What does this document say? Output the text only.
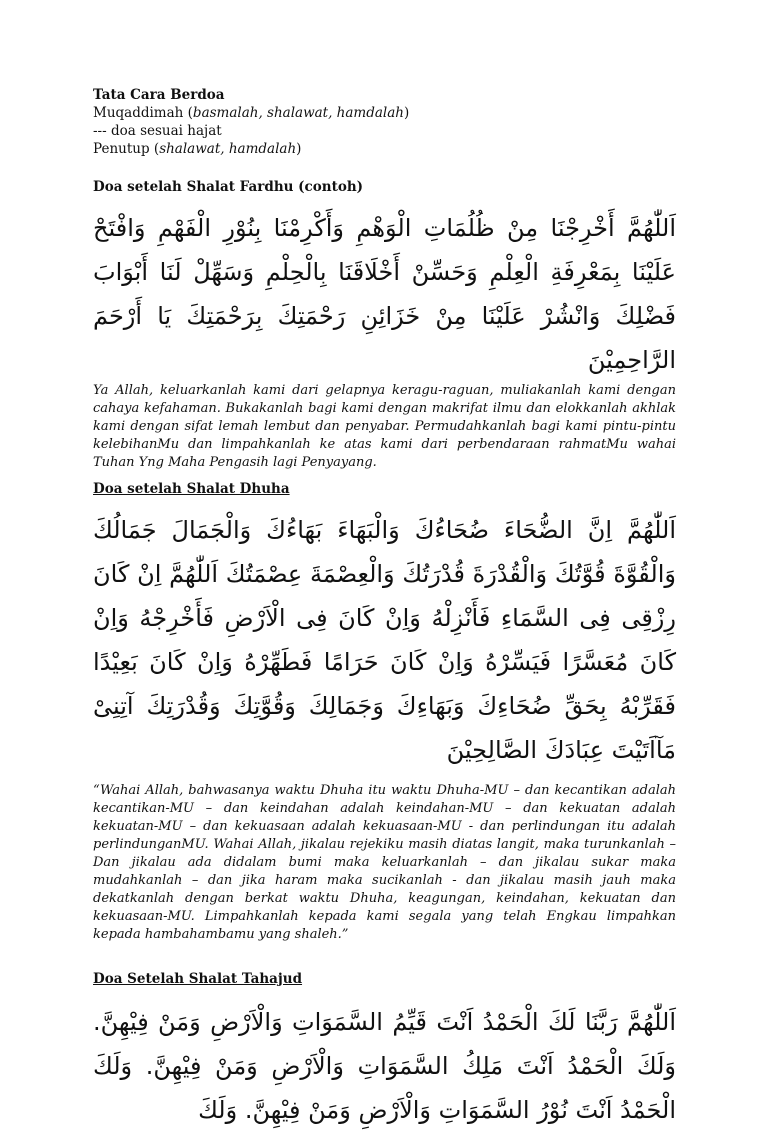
Tata Cara Berdoa
Muqaddimah (basmalah, shalawat, hamdalah)
--- doa sesuai hajat
Penutup (shalawat, hamdalah)
Doa setelah Shalat Fardhu (contoh)

اَللّٰهُمَّ أَخْرِجْنَا مِنْ ظُلُمَاتِ الْوَهْمِ وَأَكْرِمْنَا بِنُوْرِ الْفَهْمِ وَافْتَحْ عَلَيْنَا بِمَعْرِفَةِ الْعِلْمِ وَحَسِّنْ أَخْلَاقَنَا بِالْحِلْمِ وَسَهِّلْ لَنَا أَبْوَابَ فَضْلِكَ وَانْشُرْ عَلَيْنَا مِنْ خَزَائِنِ رَحْمَتِكَ بِرَحْمَتِكَ يَا أَرْحَمَ الرَّاحِمِيْنَ

Ya Allah, keluarkanlah kami dari gelapnya keragu-raguan, muliakanlah kami dengan cahaya kefahaman. Bukakanlah bagi kami dengan makrifat ilmu dan elokkanlah akhlak kami dengan sifat lemah lembut dan penyabar. Permudahkanlah bagi kami pintu-pintu kelebihanMu dan limpahkanlah ke atas kami dari perbendaraan rahmatMu wahai Tuhan Yng Maha Pengasih lagi Penyayang.

Doa setelah Shalat Dhuha

اَللّٰهُمَّ اِنَّ الضُّحَاءَ ضُحَاءُكَ وَالْبَهَاءَ بَهَاءُكَ وَالْجَمَالَ جَمَالُكَ وَالْقُوَّةَ قُوَّتُكَ وَالْقُدْرَةَ قُدْرَتُكَ وَالْعِصْمَةَ عِصْمَتُكَ اَللّٰهُمَّ اِنْ كَانَ رِزْقِى فِى السَّمَاءِ فَأَنْزِلْهُ وَاِنْ كَانَ فِى الْاَرْضِ فَأَخْرِجْهُ وَاِنْ كَانَ مُعَسَّرًا فَيَسِّرْهُ وَاِنْ كَانَ حَرَامًا فَطَهِّرْهُ وَاِنْ كَانَ بَعِيْدًا فَقَرِّبْهُ بِحَقِّ ضُحَاءِكَ وَبَهَاءِكَ وَجَمَالِكَ وَقُوَّتِكَ وَقُدْرَتِكَ آتِنِىْ مَآاَتَيْتَ عِبَادَكَ الصَّالِحِيْنَ

“Wahai Allah, bahwasanya waktu Dhuha itu waktu Dhuha-MU – dan kecantikan adalah kecantikan-MU – dan keindahan adalah keindahan-MU – dan kekuatan adalah kekuatan-MU – dan kekuasaan adalah kekuasaan-MU - dan perlindungan itu adalah perlindunganMU. Wahai Allah, jikalau rejekiku masih diatas langit, maka turunkanlah – Dan jikalau ada didalam bumi maka keluarkanlah – dan jikalau sukar maka mudahkanlah – dan jika haram maka sucikanlah - dan jikalau masih jauh maka dekatkanlah dengan berkat waktu Dhuha, keagungan, keindahan, kekuatan dan kekuasaan-MU. Limpahkanlah kepada kami segala yang telah Engkau limpahkan kepada hambahambamu yang shaleh.”

Doa Setelah Shalat Tahajud

اَللّٰهُمَّ رَبَّنَا لَكَ الْحَمْدُ اَنْتَ قَيِّمُ السَّمَوَاتِ وَالْاَرْضِ وَمَنْ فِيْهِنَّ. وَلَكَ الْحَمْدُ اَنْتَ مَلِكُ السَّمَوَاتِ وَالْاَرْضِ وَمَنْ فِيْهِنَّ. وَلَكَ الْحَمْدُ اَنْتَ نُوْرُ السَّمَوَاتِ وَالْاَرْضِ وَمَنْ فِيْهِنَّ. وَلَكَ
